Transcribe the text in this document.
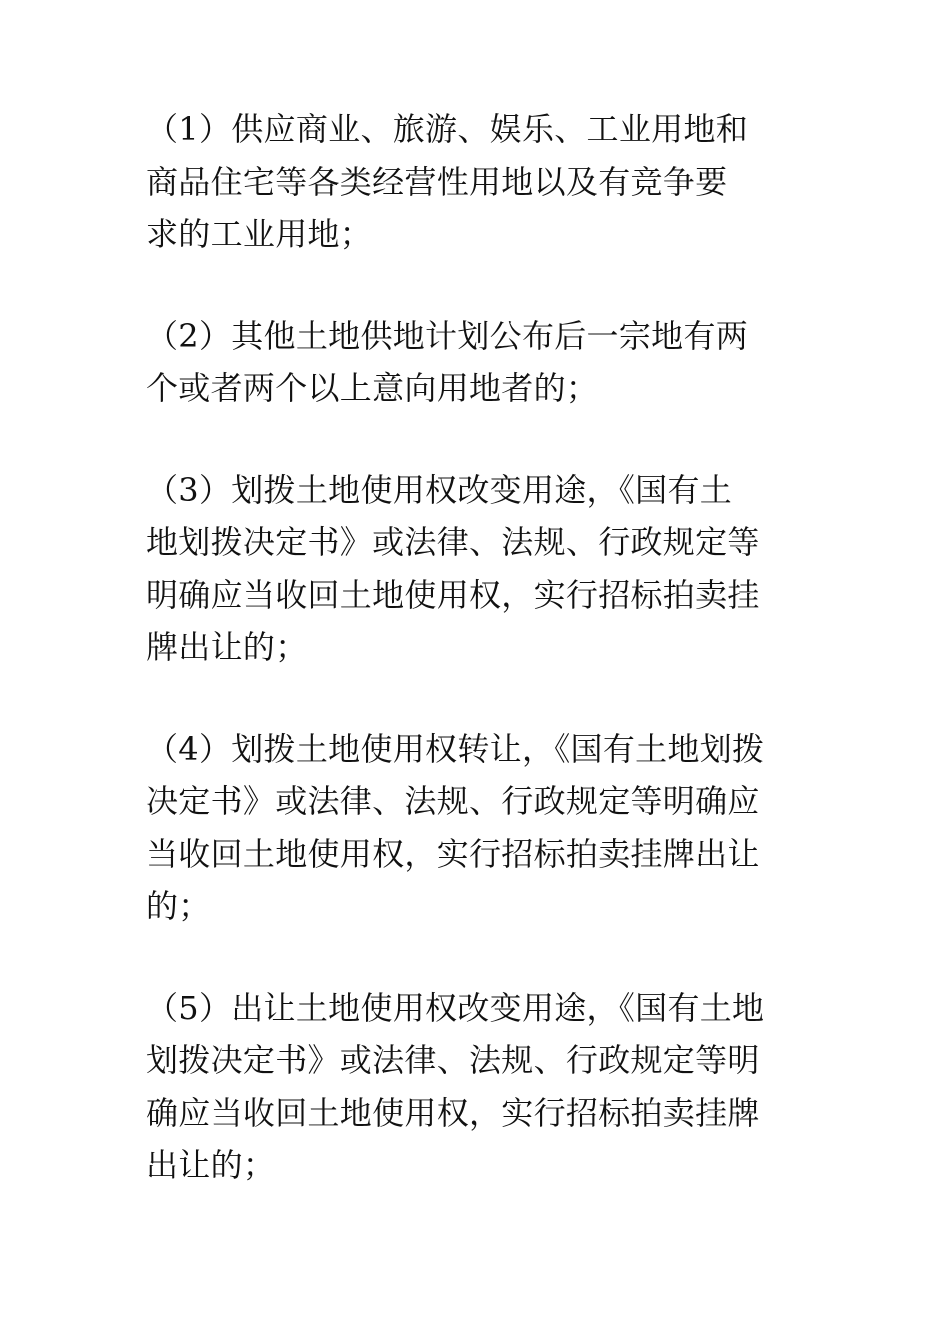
（1）供应商业、旅游、娱乐、工业用地和
商品住宅等各类经营性用地以及有竞争要
求的工业用地；

（2）其他土地供地计划公布后一宗地有两
个或者两个以上意向用地者的；

（3）划拨土地使用权改变用途，《国有土
地划拨决定书》或法律、法规、行政规定等
明确应当收回土地使用权，实行招标拍卖挂
牌出让的；

（4）划拨土地使用权转让，《国有土地划拨
决定书》或法律、法规、行政规定等明确应
当收回土地使用权，实行招标拍卖挂牌出让
的；

（5）出让土地使用权改变用途，《国有土地
划拨决定书》或法律、法规、行政规定等明
确应当收回土地使用权，实行招标拍卖挂牌
出让的；
